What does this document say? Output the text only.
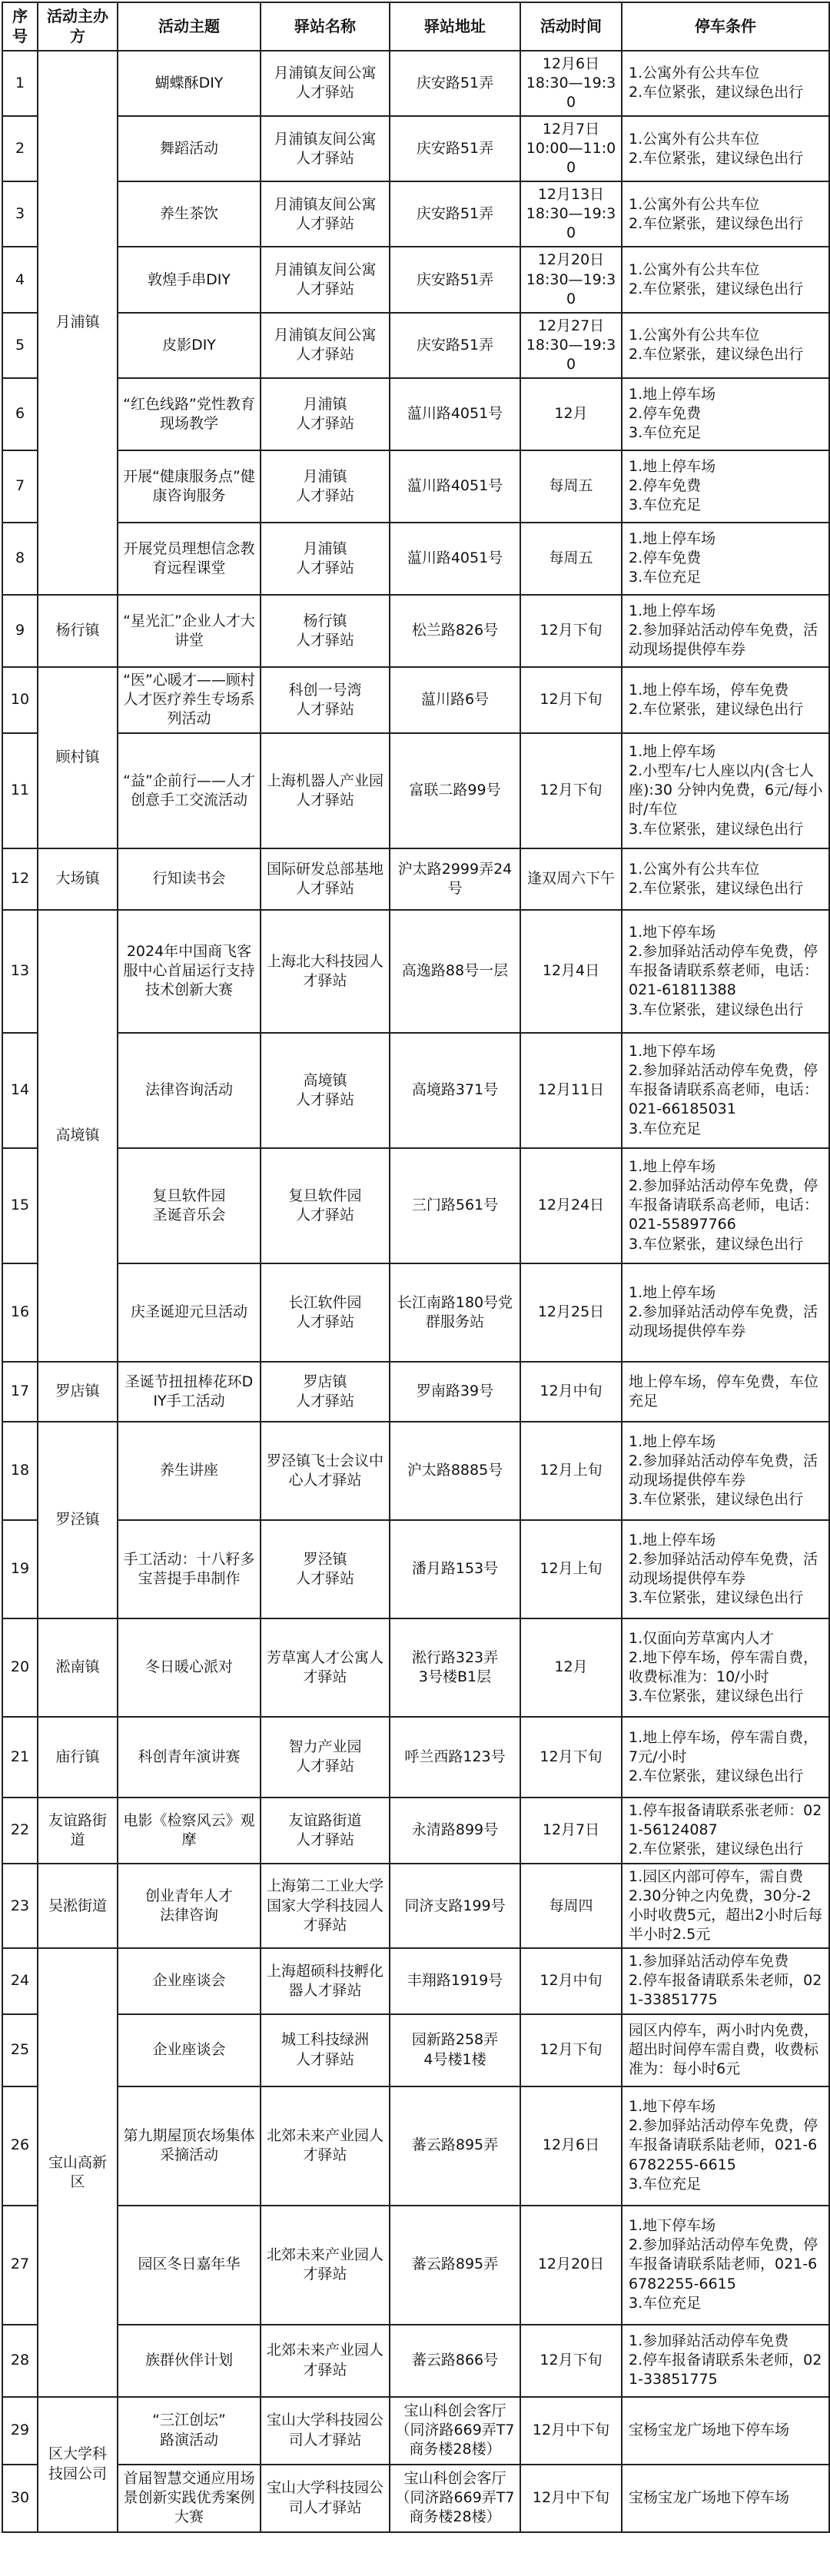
序号	活动主办方	活动主题	驿站名称	驿站地址	活动时间	停车条件
1	月浦镇	蝴蝶酥DIY	月浦镇友间公寓
人才驿站	庆安路51弄	12月6日
18:30—19:30	1.公寓外有公共车位
2.车位紧张，建议绿色出行
2		舞蹈活动	月浦镇友间公寓
人才驿站	庆安路51弄	12月7日
10:00—11:00	1.公寓外有公共车位
2.车位紧张，建议绿色出行
3		养生茶饮	月浦镇友间公寓
人才驿站	庆安路51弄	12月13日
18:30—19:30	1.公寓外有公共车位
2.车位紧张，建议绿色出行
4		敦煌手串DIY	月浦镇友间公寓
人才驿站	庆安路51弄	12月20日
18:30—19:30	1.公寓外有公共车位
2.车位紧张，建议绿色出行
5		皮影DIY	月浦镇友间公寓
人才驿站	庆安路51弄	12月27日
18:30—19:30	1.公寓外有公共车位
2.车位紧张，建议绿色出行
6		“红色线路”党性教育现场教学	月浦镇
人才驿站	蕰川路4051号	12月	1.地上停车场
2.停车免费
3.车位充足
7		开展“健康服务点”健康咨询服务	月浦镇
人才驿站	蕰川路4051号	每周五	1.地上停车场
2.停车免费
3.车位充足
8		开展党员理想信念教育远程课堂	月浦镇
人才驿站	蕰川路4051号	每周五	1.地上停车场
2.停车免费
3.车位充足
9	杨行镇	“星光汇”企业人才大讲堂	杨行镇
人才驿站	松兰路826号	12月下旬	1.地上停车场
2.参加驿站活动停车免费，活动现场提供停车券
10	顾村镇	“医”心暖才——顾村人才医疗养生专场系列活动	科创一号湾
人才驿站	蕰川路6号	12月下旬	1.地上停车场，停车免费
2.车位紧张，建议绿色出行
11		“益”企前行——人才创意手工交流活动	上海机器人产业园人才驿站	富联二路99号	12月下旬	1.地上停车场
2.小型车/七人座以内(含七人座):30 分钟内免费，6元/每小时/车位
3.车位紧张，建议绿色出行
12	大场镇	行知读书会	国际研发总部基地人才驿站	沪太路2999弄24号	逢双周六下午	1.公寓外有公共车位
2.车位紧张，建议绿色出行
13	高境镇	2024年中国商飞客服中心首届运行支持技术创新大赛	上海北大科技园人才驿站	高逸路88号一层	12月4日	1.地下停车场
2.参加驿站活动停车免费，停车报备请联系蔡老师，电话：021-61811388
3.车位紧张，建议绿色出行
14		法律咨询活动	高境镇
人才驿站	高境路371号	12月11日	1.地下停车场
2.参加驿站活动停车免费，停车报备请联系高老师，电话：021-66185031
3.车位充足
15		复旦软件园
圣诞音乐会	复旦软件园
人才驿站	三门路561号	12月24日	1.地上停车场
2.参加驿站活动停车免费，停车报备请联系高老师，电话：021-55897766
3.车位紧张，建议绿色出行
16		庆圣诞迎元旦活动	长江软件园
人才驿站	长江南路180号党群服务站	12月25日	1.地上停车场
2.参加驿站活动停车免费，活动现场提供停车券
17	罗店镇	圣诞节扭扭棒花环DIY手工活动	罗店镇
人才驿站	罗南路39号	12月中旬	地上停车场，停车免费，车位充足
18	罗泾镇	养生讲座	罗泾镇飞士会议中心人才驿站	沪太路8885号	12月上旬	1.地上停车场
2.参加驿站活动停车免费，活动现场提供停车券
3.车位紧张，建议绿色出行
19		手工活动：十八籽多宝菩提手串制作	罗泾镇
人才驿站	潘月路153号	12月上旬	1.地上停车场
2.参加驿站活动停车免费，活动现场提供停车券
3.车位紧张，建议绿色出行
20	淞南镇	冬日暖心派对	芳草寓人才公寓人才驿站	淞行路323弄
3号楼B1层	12月	1.仅面向芳草寓内人才
2.地下停车场，停车需自费，收费标准为：10/小时
3.车位紧张，建议绿色出行
21	庙行镇	科创青年演讲赛	智力产业园
人才驿站	呼兰西路123号	12月下旬	1.地上停车场，停车需自费，7元/小时
2.车位紧张，建议绿色出行
22	友谊路街道	电影《检察风云》观摩	友谊路街道
人才驿站	永清路899号	12月7日	1.停车报备请联系张老师：021-56124087
2.车位紧张，建议绿色出行
23	吴淞街道	创业青年人才
法律咨询	上海第二工业大学国家大学科技园人才驿站	同济支路199号	每周四	1.园区内部可停车，需自费
2.30分钟之内免费，30分-2小时收费5元，超出2小时后每半小时2.5元
24	宝山高新区	企业座谈会	上海超硕科技孵化器人才驿站	丰翔路1919号	12月中旬	1.参加驿站活动停车免费
2.停车报备请联系朱老师，021-33851775
25		企业座谈会	城工科技绿洲
人才驿站	园新路258弄
4号楼1楼	12月下旬	园区内停车，两小时内免费，超出时间停车需自费，收费标准为：每小时6元
26		第九期屋顶农场集体采摘活动	北郊未来产业园人才驿站	蕃云路895弄	12月6日	1.地下停车场
2.参加驿站活动停车免费，停车报备请联系陆老师，021-66782255-6615
3.车位充足
27		园区冬日嘉年华	北郊未来产业园人才驿站	蕃云路895弄	12月20日	1.地下停车场
2.参加驿站活动停车免费，停车报备请联系陆老师，021-66782255-6615
3.车位充足
28		族群伙伴计划	北郊未来产业园人才驿站	蕃云路866号	12月下旬	1.参加驿站活动停车免费
2.停车报备请联系朱老师，021-33851775
29	区大学科技园公司	“三江创坛”
路演活动	宝山大学科技园公司人才驿站	宝山科创会客厅（同济路669弄T7商务楼28楼）	12月中下旬	宝杨宝龙广场地下停车场
30		首届智慧交通应用场景创新实践优秀案例大赛	宝山大学科技园公司人才驿站	宝山科创会客厅（同济路669弄T7商务楼28楼）	12月中下旬	宝杨宝龙广场地下停车场
